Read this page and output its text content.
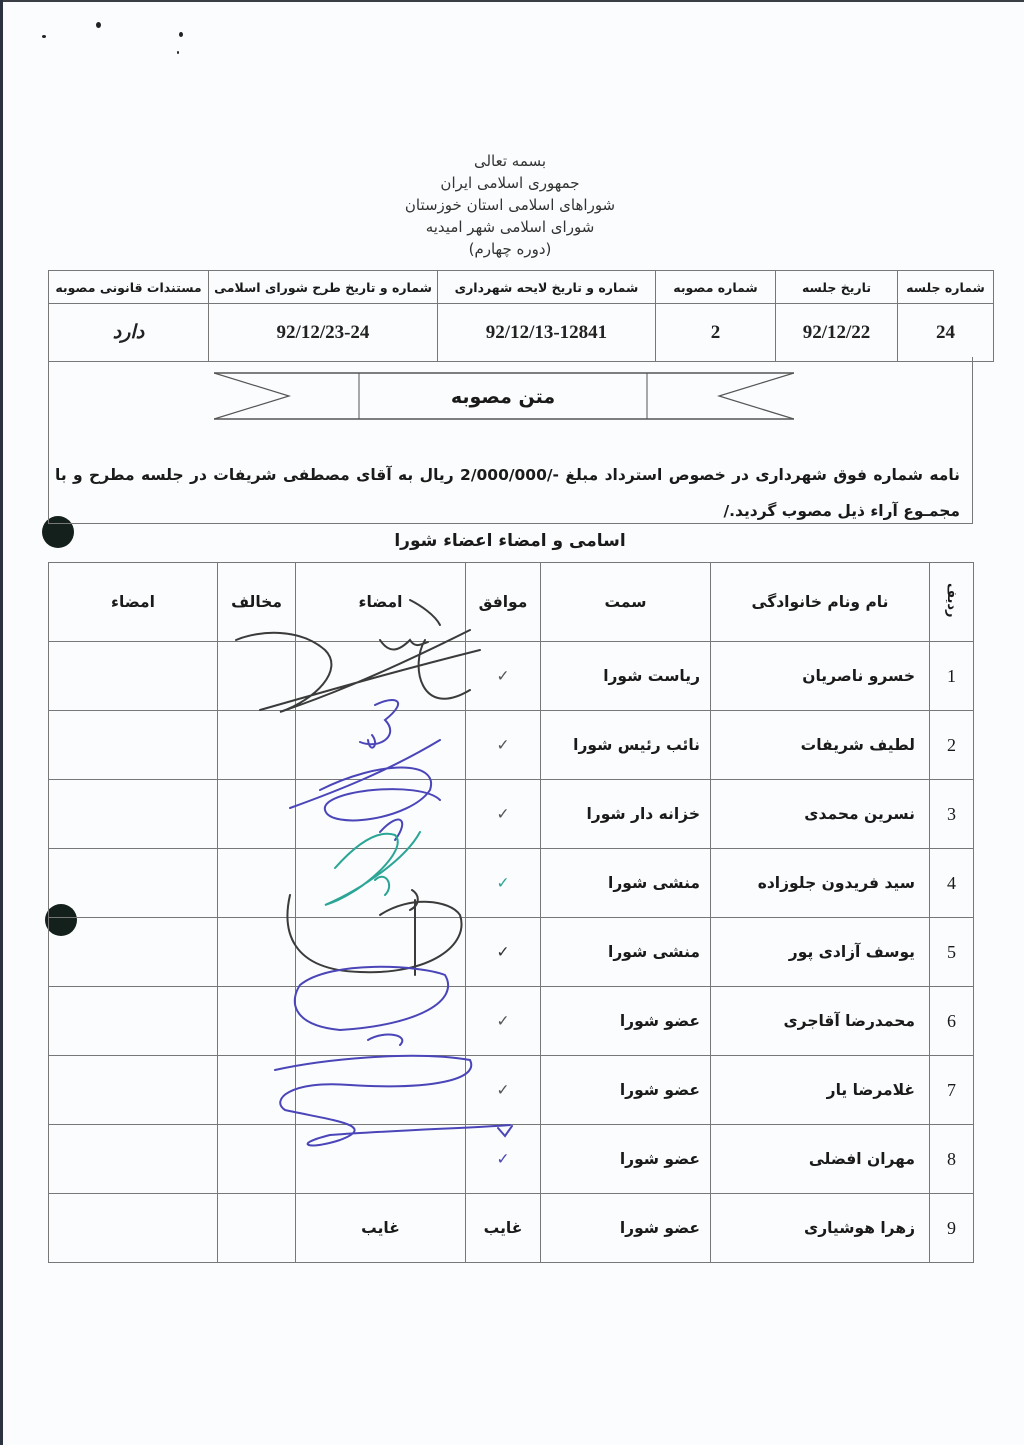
بسمه تعالی
جمهوری اسلامی ایران
شوراهای اسلامی استان خوزستان
شورای اسلامی شهر امیدیه
(دوره چهارم)
شماره جلسه	تاریخ جلسه	شماره مصوبه	شماره و تاریخ لایحه شهرداری	شماره و تاریخ طرح شورای اسلامی	مستندات قانونی مصوبه
24	92/12/22	2	92/12/13-12841	92/12/23-24	دارد
متن مصوبه
نامه شماره فوق شهرداری در خصوص استرداد مبلغ -/2/000/000 ریال به آقای مصطفی شریفات در جلسه مطرح و با مجمـوع آراء ذیل مصوب گردید./
اسامی و امضاء اعضاء شورا
ردیف	نام ونام خانوادگی	سمت	موافق	امضاء	مخالف	امضاء
1	خسرو ناصریان	ریاست شورا	✓			
2	لطیف شریفات	نائب رئیس شورا	✓			
3	نسرین محمدی	خزانه دار شورا	✓			
4	سید فریدون جلوزاده	منشی شورا	✓			
5	یوسف آزادی پور	منشی شورا	✓			
6	محمدرضا آقاجری	عضو شورا	✓			
7	غلامرضا یار	عضو شورا	✓			
8	مهران افضلی	عضو شورا	✓			
9	زهرا هوشیاری	عضو شورا	غایب	غایب		
